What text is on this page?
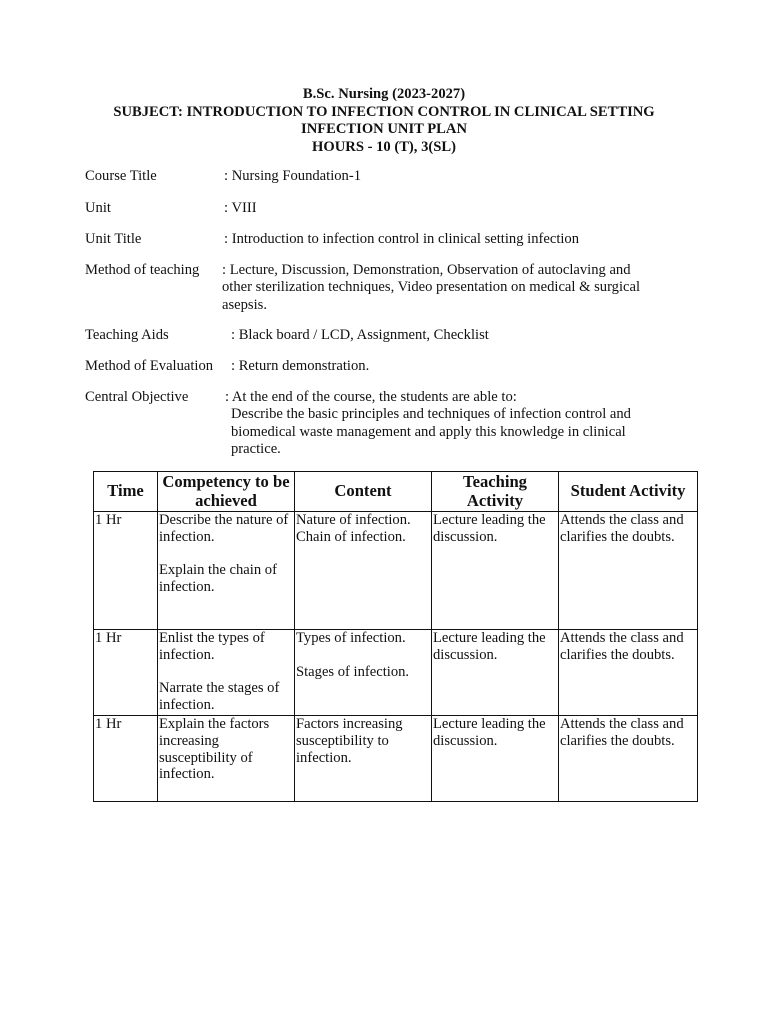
B.Sc. Nursing (2023-2027)
SUBJECT: INTRODUCTION TO INFECTION CONTROL IN CLINICAL SETTING
INFECTION UNIT PLAN
HOURS - 10 (T), 3(SL)
Course Title	: Nursing Foundation-1
Unit	: VIII
Unit Title	: Introduction to infection control in clinical setting infection
Method of teaching : Lecture, Discussion, Demonstration, Observation of autoclaving and
other sterilization techniques, Video presentation on medical & surgical
asepsis.
Teaching Aids	: Black board / LCD, Assignment, Checklist
Method of Evaluation : Return demonstration.
Central Objective	: At the end of the course, the students are able to:
Describe the basic principles and techniques of infection control and
biomedical waste management and apply this knowledge in clinical
practice.
Time	Competency to be achieved	Content	Teaching Activity	Student Activity
1 Hr	Describe the nature of infection.
Explain the chain of infection.	Nature of infection.
Chain of infection.	Lecture leading the discussion.	Attends the class and clarifies the doubts.
1 Hr	Enlist the types of infection.
Narrate the stages of infection.	Types of infection.
Stages of infection.	Lecture leading the discussion.	Attends the class and clarifies the doubts.
1 Hr	Explain the factors increasing susceptibility of infection.	Factors increasing susceptibility to infection.	Lecture leading the discussion.	Attends the class and clarifies the doubts.
